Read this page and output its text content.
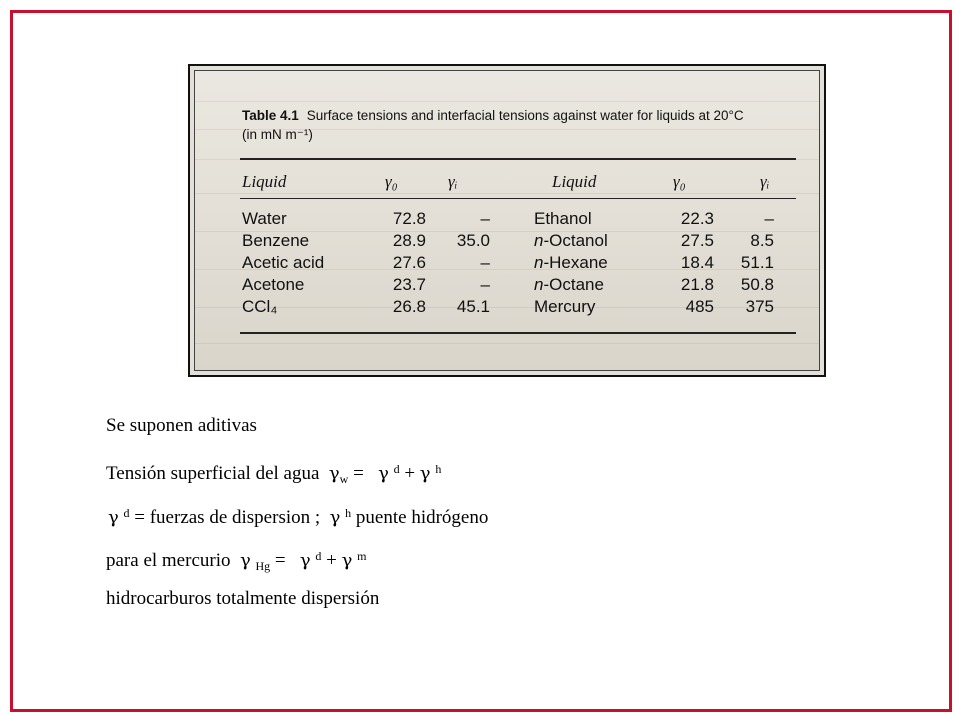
Table 4.1 Surface tensions and interfacial tensions against water for liquids at 20°C
(in mN m⁻¹)
Liquid	γ₀	γᵢ	Liquid	γ₀	γᵢ
Water	72.8	–	Ethanol	22.3	–
Benzene	28.9	35.0	n-Octanol	27.5	8.5
Acetic acid	27.6	–	n-Hexane	18.4	51.1
Acetone	23.7	–	n-Octane	21.8	50.8
CCl₄	26.8	45.1	Mercury	485	375
Se suponen aditivas
Tensión superficial del agua $\gamma_w = \gamma$ $^d$ + γ $^h$
γ $^d$ = fuerzas de dispersion ; γ $^h$ puente hidrógeno
para el mercurio γ $_{Hg}$ = γ $^d$ + γ $^m$
hidrocarburos totalmente dispersión
